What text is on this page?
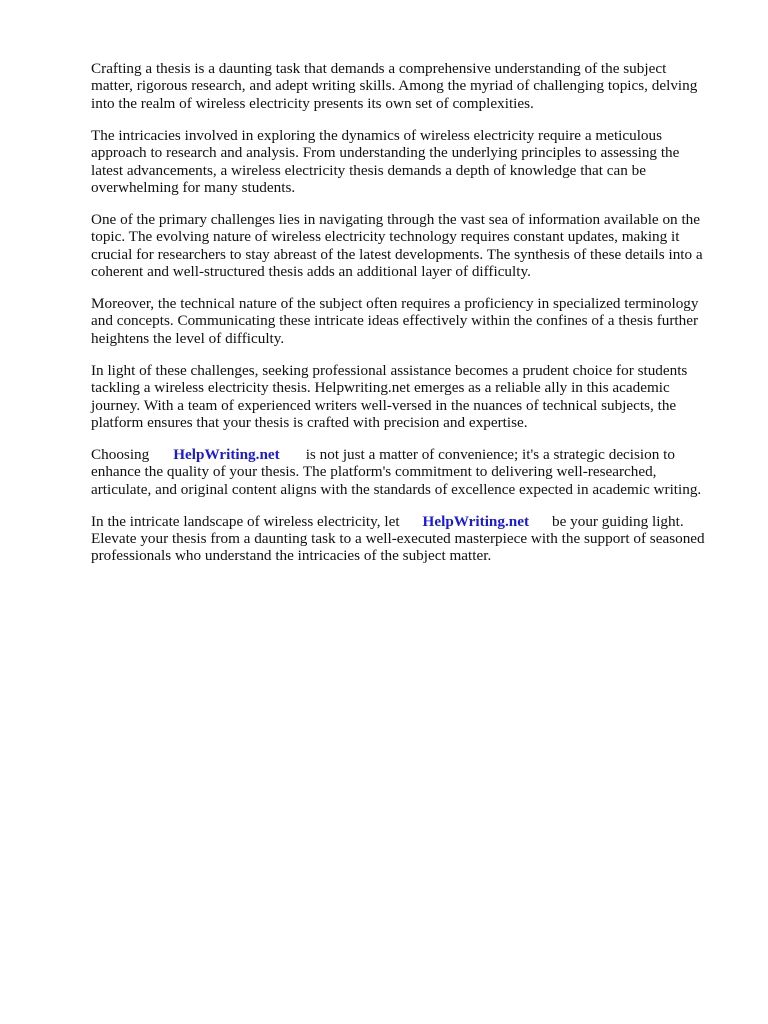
Crafting a thesis is a daunting task that demands a comprehensive understanding of the subject
matter, rigorous research, and adept writing skills. Among the myriad of challenging topics, delving
into the realm of wireless electricity presents its own set of complexities.

The intricacies involved in exploring the dynamics of wireless electricity require a meticulous
approach to research and analysis. From understanding the underlying principles to assessing the
latest advancements, a wireless electricity thesis demands a depth of knowledge that can be
overwhelming for many students.

One of the primary challenges lies in navigating through the vast sea of information available on the
topic. The evolving nature of wireless electricity technology requires constant updates, making it
crucial for researchers to stay abreast of the latest developments. The synthesis of these details into a
coherent and well-structured thesis adds an additional layer of difficulty.

Moreover, the technical nature of the subject often requires a proficiency in specialized terminology
and concepts. Communicating these intricate ideas effectively within the confines of a thesis further
heightens the level of difficulty.

In light of these challenges, seeking professional assistance becomes a prudent choice for students
tackling a wireless electricity thesis. Helpwriting.net emerges as a reliable ally in this academic
journey. With a team of experienced writers well-versed in the nuances of technical subjects, the
platform ensures that your thesis is crafted with precision and expertise.

Choosing HelpWriting.net is not just a matter of convenience; it's a strategic decision to
enhance the quality of your thesis. The platform's commitment to delivering well-researched,
articulate, and original content aligns with the standards of excellence expected in academic writing.

In the intricate landscape of wireless electricity, let HelpWriting.net be your guiding light.
Elevate your thesis from a daunting task to a well-executed masterpiece with the support of seasoned
professionals who understand the intricacies of the subject matter.
